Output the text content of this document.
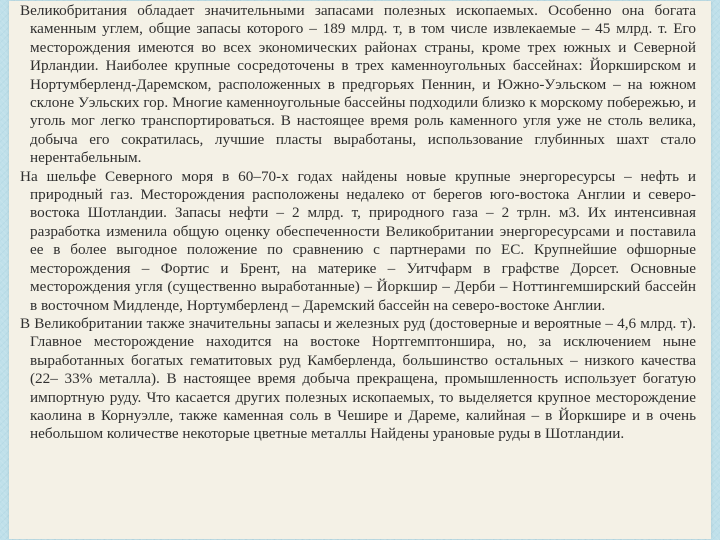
Великобритания обладает значительными запасами полезных ископаемых. Особенно она богата каменным углем, общие запасы которого – 189 млрд. т, в том числе извлекаемые – 45 млрд. т. Его месторождения имеются во всех экономических районах страны, кроме трех южных и Северной Ирландии. Наиболее крупные сосредоточены в трех каменноугольных бассейнах: Йоркширском и Нортумберленд-Даремском, расположенных в предгорьях Пеннин, и Южно-Уэльском – на южном склоне Уэльских гор. Многие каменноугольные бассейны подходили близко к морскому побережью, и уголь мог легко транспортироваться. В настоящее время роль каменного угля уже не столь велика, добыча его сократилась, лучшие пласты выработаны, использование глубинных шахт стало нерентабельным.

На шельфе Северного моря в 60–70-х годах найдены новые крупные энергоресурсы – нефть и природный газ. Месторождения расположены недалеко от берегов юго-востока Англии и северо-востока Шотландии. Запасы нефти – 2 млрд. т, природного газа – 2 трлн. м3. Их интенсивная разработка изменила общую оценку обеспеченности Великобритании энергоресурсами и поставила ее в более выгодное положение по сравнению с партнерами по ЕС. Крупнейшие офшорные месторождения – Фортис и Брент, на материке – Уитчфарм в графстве Дорсет. Основные месторождения угля (существенно выработанные) – Йоркшир – Дерби – Ноттингемширский бассейн в восточном Мидленде, Нортумберленд – Даремский бассейн на северо-востоке Англии.

В Великобритании также значительны запасы и железных руд (достоверные и вероятные – 4,6 млрд. т). Главное месторождение находится на востоке Нортгемптоншира, но, за исключением ныне выработанных богатых гематитовых руд Камберленда, большинство остальных – низкого качества (22– 33% металла). В настоящее время добыча прекращена, промышленность использует богатую импортную руду. Что касается других полезных ископаемых, то выделяется крупное месторождение каолина в Корнуэлле, также каменная соль в Чешире и Дареме, калийная – в Йоркшире и в очень небольшом количестве некоторые цветные металлы Найдены урановые руды в Шотландии.
